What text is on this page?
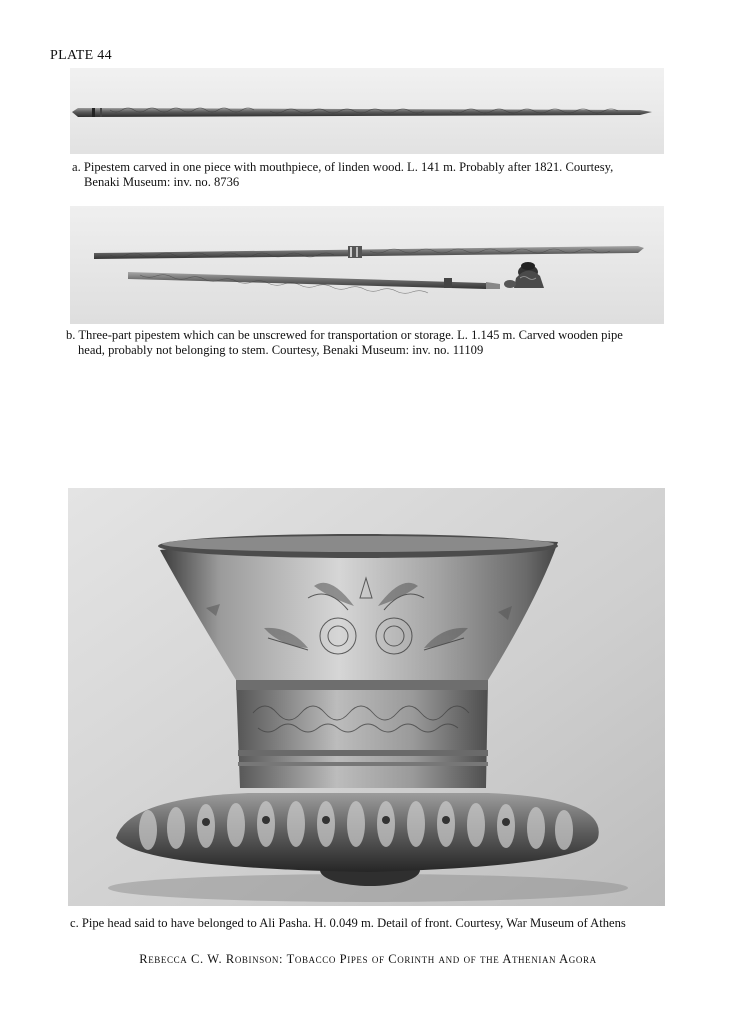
PLATE 44
a. Pipestem carved in one piece with mouthpiece, of linden wood. L. 141 m. Probably after 1821. Courtesy,
Benaki Museum: inv. no. 8736
b. Three-part pipestem which can be unscrewed for transportation or storage. L. 1.145 m. Carved wooden pipe
head, probably not belonging to stem. Courtesy, Benaki Museum: inv. no. 11109
c. Pipe head said to have belonged to Ali Pasha. H. 0.049 m. Detail of front. Courtesy, War Museum of Athens
Rebecca C. W. Robinson: Tobacco Pipes of Corinth and of the Athenian Agora
